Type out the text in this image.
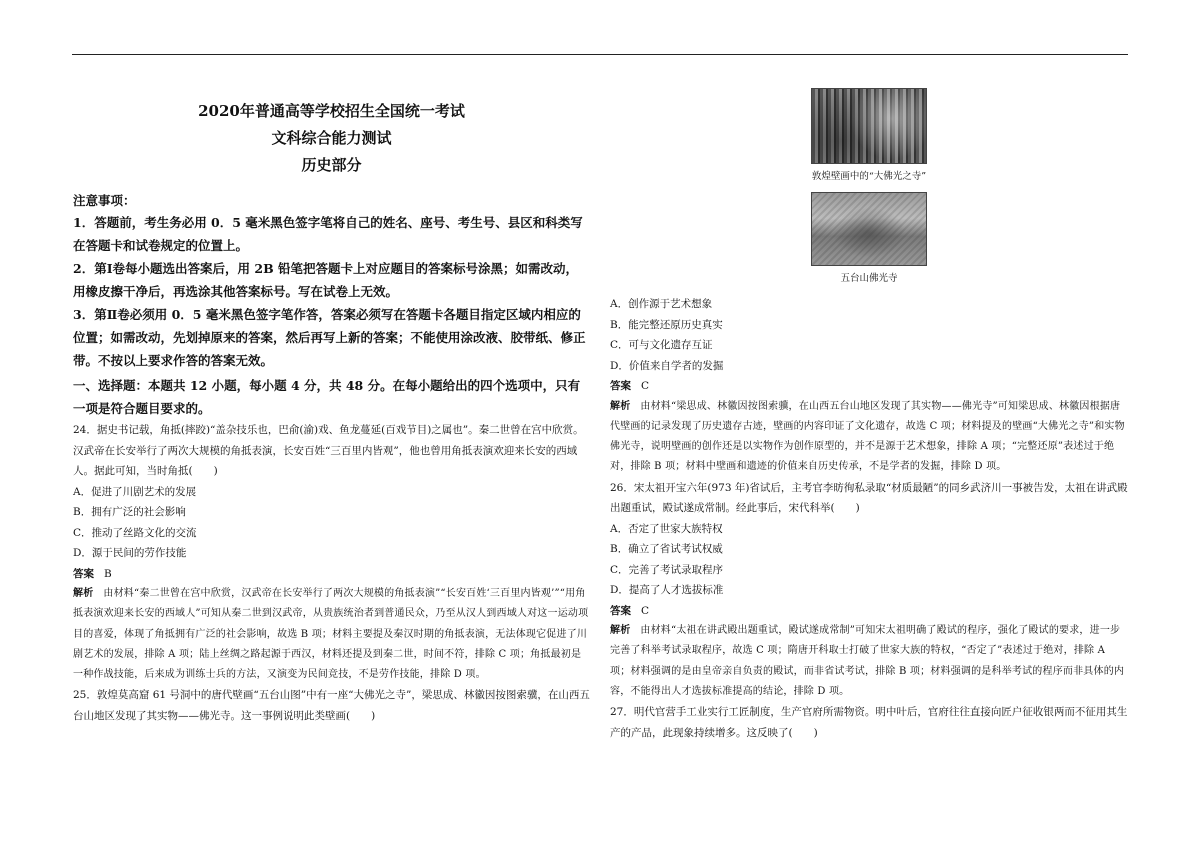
2020年普通高等学校招生全国统一考试

文科综合能力测试

历史部分

注意事项：

1．答题前，考生务必用 0．5 毫米黑色签字笔将自己的姓名、座号、考生号、县区和科类写在答题卡和试卷规定的位置上。

2．第Ⅰ卷每小题选出答案后，用 2B 铅笔把答题卡上对应题目的答案标号涂黑；如需改动，用橡皮擦干净后，再选涂其他答案标号。写在试卷上无效。

3．第Ⅱ卷必须用 0．5 毫米黑色签字笔作答，答案必须写在答题卡各题目指定区域内相应的位置；如需改动，先划掉原来的答案，然后再写上新的答案；不能使用涂改液、胶带纸、修正带。不按以上要求作答的答案无效。

一、选择题：本题共 12 小题，每小题 4 分，共 48 分。在每小题给出的四个选项中，只有一项是符合题目要求的。

24．据史书记载，角抵(摔跤)“盖杂技乐也，巴俞(渝)戏、鱼龙蔓延(百戏节目)之属也”。秦二世曾在宫中欣赏。汉武帝在长安举行了两次大规模的角抵表演，长安百姓“三百里内皆观”，他也曾用角抵表演欢迎来长安的西域人。据此可知，当时角抵(　　)

A．促进了川剧艺术的发展

B．拥有广泛的社会影响

C．推动了丝路文化的交流

D．源于民间的劳作技能

答案 B

解析 由材料“秦二世曾在宫中欣赏，汉武帝在长安举行了两次大规模的角抵表演”“长安百姓‘三百里内皆观’”“用角抵表演欢迎来长安的西域人”可知从秦二世到汉武帝，从贵族统治者到普通民众，乃至从汉人到西域人对这一运动项目的喜爱，体现了角抵拥有广泛的社会影响，故选 B 项；材料主要提及秦汉时期的角抵表演，无法体现它促进了川剧艺术的发展，排除 A 项；陆上丝绸之路起源于西汉，材料还提及到秦二世，时间不符，排除 C 项；角抵最初是一种作战技能，后来成为训练士兵的方法，又演变为民间竞技，不是劳作技能，排除 D 项。

25．敦煌莫高窟 61 号洞中的唐代壁画“五台山图”中有一座“大佛光之寺”，梁思成、林徽因按图索骥，在山西五台山地区发现了其实物——佛光寺。这一事例说明此类壁画(　　)

敦煌壁画中的“大佛光之寺”

五台山佛光寺

A．创作源于艺术想象

B．能完整还原历史真实

C．可与文化遗存互证

D．价值来自学者的发掘

答案 C

解析 由材料“梁思成、林徽因按图索骥，在山西五台山地区发现了其实物——佛光寺”可知梁思成、林徽因根据唐代壁画的记录发现了历史遗存古迹，壁画的内容印证了文化遗存，故选 C 项；材料提及的壁画“大佛光之寺”和实物佛光寺，说明壁画的创作还是以实物作为创作原型的，并不是源于艺术想象，排除 A 项；“完整还原”表述过于绝对，排除 B 项；材料中壁画和遗迹的价值来自历史传承，不是学者的发掘，排除 D 项。

26．宋太祖开宝六年(973 年)省试后，主考官李昉徇私录取“材质最陋”的同乡武济川一事被告发，太祖在讲武殿出题重试，殿试遂成常制。经此事后，宋代科举(　　)

A．否定了世家大族特权

B．确立了省试考试权威

C．完善了考试录取程序

D．提高了人才选拔标准

答案 C

解析 由材料“太祖在讲武殿出题重试，殿试遂成常制”可知宋太祖明确了殿试的程序，强化了殿试的要求，进一步完善了科举考试录取程序，故选 C 项；隋唐开科取士打破了世家大族的特权，“否定了”表述过于绝对，排除 A 项；材料强调的是由皇帝亲自负责的殿试，而非省试考试，排除 B 项；材料强调的是科举考试的程序而非具体的内容，不能得出人才选拔标准提高的结论，排除 D 项。

27．明代官营手工业实行工匠制度，生产官府所需物资。明中叶后，官府往往直接向匠户征收银两而不征用其生产的产品，此现象持续增多。这反映了(　　)
